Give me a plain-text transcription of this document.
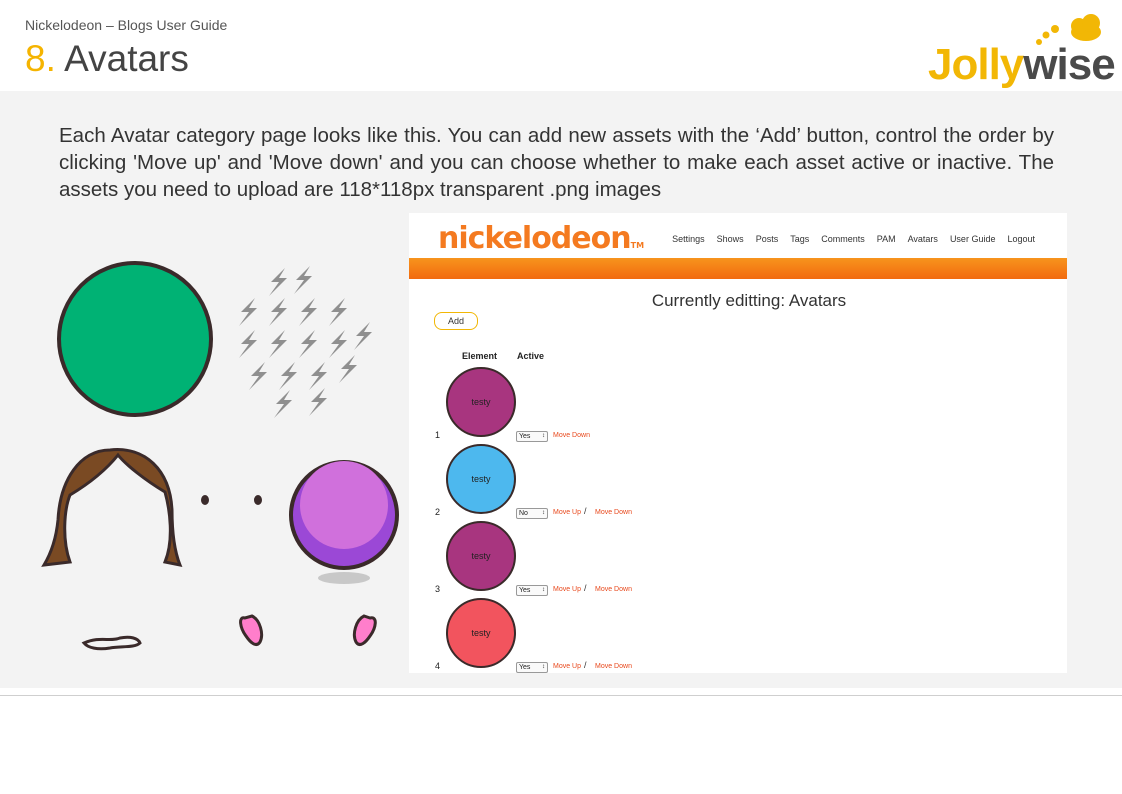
Nickelodeon – Blogs User Guide
8. Avatars	Jollywise
Each Avatar category page looks like this. You can add new assets with the ‘Add’ button, control the order by clicking 'Move up' and 'Move down' and you can choose whether to make each asset active or inactive. The assets you need to upload are 118*118px transparent .png images
nickelodeonTM
Settings Shows Posts Tags Comments PAM Avatars User Guide Logout
Currently editting: Avatars
Add
Element Active
testy
1	Yes ↕ Move Down
testy
2	No ↕ Move Up / Move Down
testy
3	Yes ↕ Move Up / Move Down
testy
4	Yes ↕ Move Up / Move Down
